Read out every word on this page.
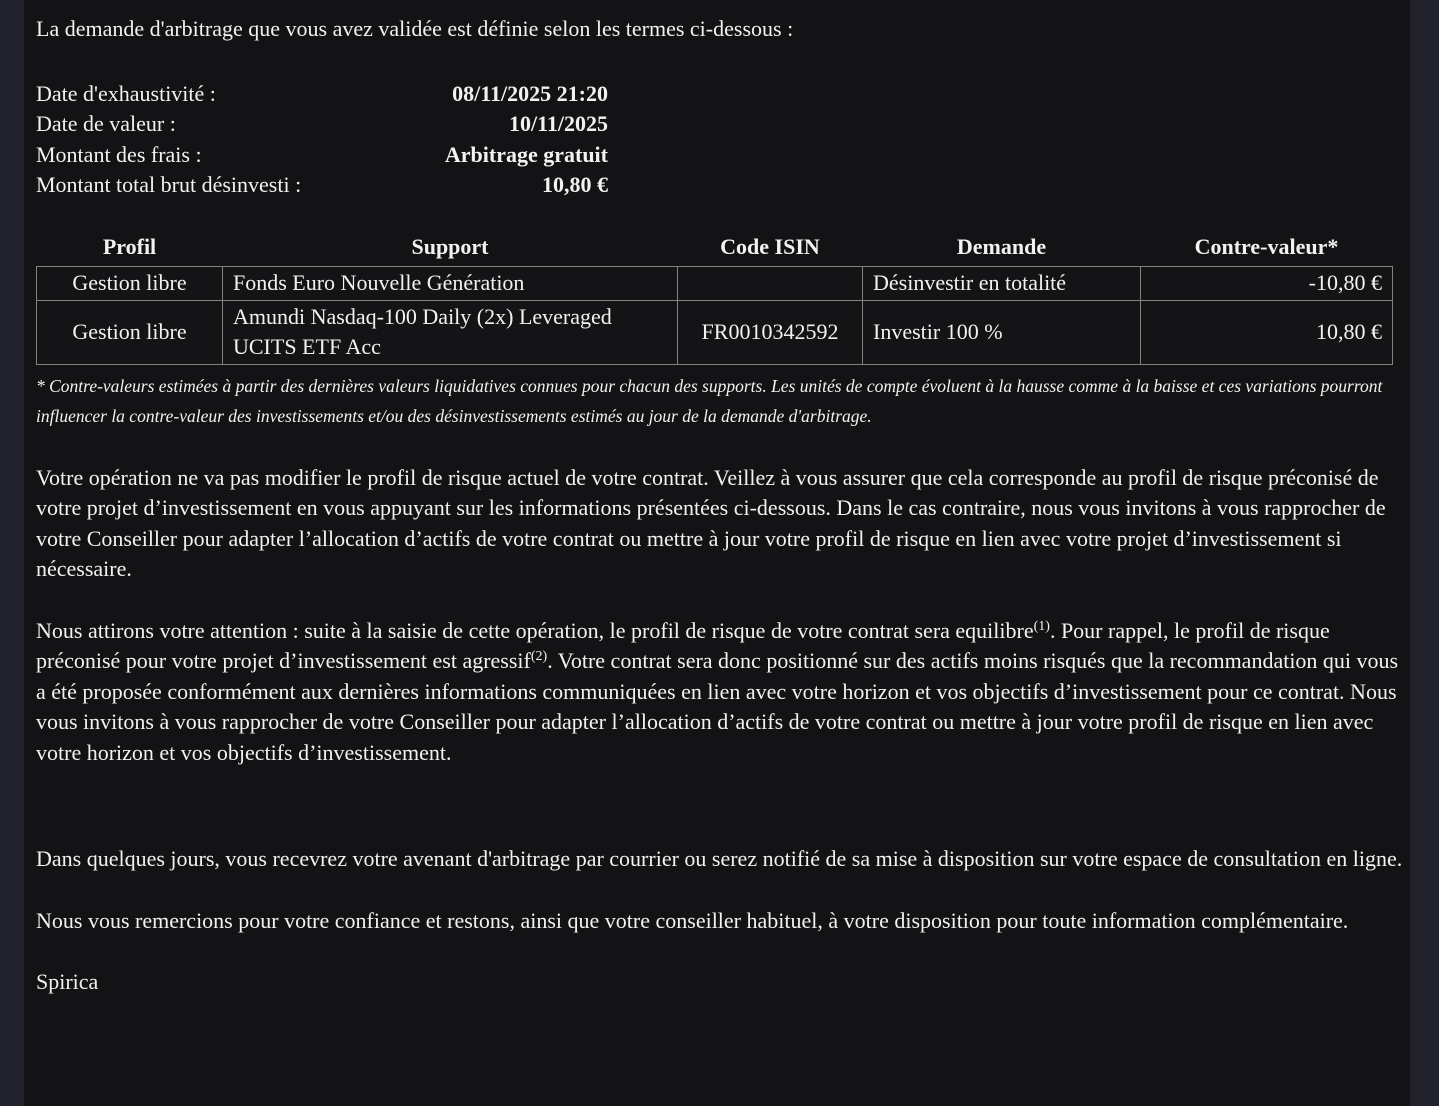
La demande d'arbitrage que vous avez validée est définie selon les termes ci-dessous :

Date d'exhaustivité :	08/11/2025 21:20
Date de valeur :	10/11/2025
Montant des frais :	Arbitrage gratuit
Montant total brut désinvesti :	10,80 €
Profil	Support	Code ISIN	Demande	Contre-valeur*
Gestion libre	Fonds Euro Nouvelle Génération		Désinvestir en totalité	-10,80 €
Gestion libre	Amundi Nasdaq-100 Daily (2x) Leveraged UCITS ETF Acc	FR0010342592	Investir 100 %	10,80 €

* Contre-valeurs estimées à partir des dernières valeurs liquidatives connues pour chacun des supports. Les unités de compte évoluent à la hausse comme à la baisse et ces variations pourront influencer la contre-valeur des investissements et/ou des désinvestissements estimés au jour de la demande d'arbitrage.

Votre opération ne va pas modifier le profil de risque actuel de votre contrat. Veillez à vous assurer que cela corresponde au profil de risque préconisé de votre projet d’investissement en vous appuyant sur les informations présentées ci-dessous. Dans le cas contraire, nous vous invitons à vous rapprocher de votre Conseiller pour adapter l’allocation d’actifs de votre contrat ou mettre à jour votre profil de risque en lien avec votre projet d’investissement si nécessaire.

Nous attirons votre attention : suite à la saisie de cette opération, le profil de risque de votre contrat sera equilibre$^{(1)}$. Pour rappel, le profil de risque préconisé pour votre projet d’investissement est agressif$^{(2)}$. Votre contrat sera donc positionné sur des actifs moins risqués que la recommandation qui vous a été proposée conformément aux dernières informations communiquées en lien avec votre horizon et vos objectifs d’investissement pour ce contrat. Nous vous invitons à vous rapprocher de votre Conseiller pour adapter l’allocation d’actifs de votre contrat ou mettre à jour votre profil de risque en lien avec votre horizon et vos objectifs d’investissement.

Dans quelques jours, vous recevrez votre avenant d'arbitrage par courrier ou serez notifié de sa mise à disposition sur votre espace de consultation en ligne.

Nous vous remercions pour votre confiance et restons, ainsi que votre conseiller habituel, à votre disposition pour toute information complémentaire.

Spirica
